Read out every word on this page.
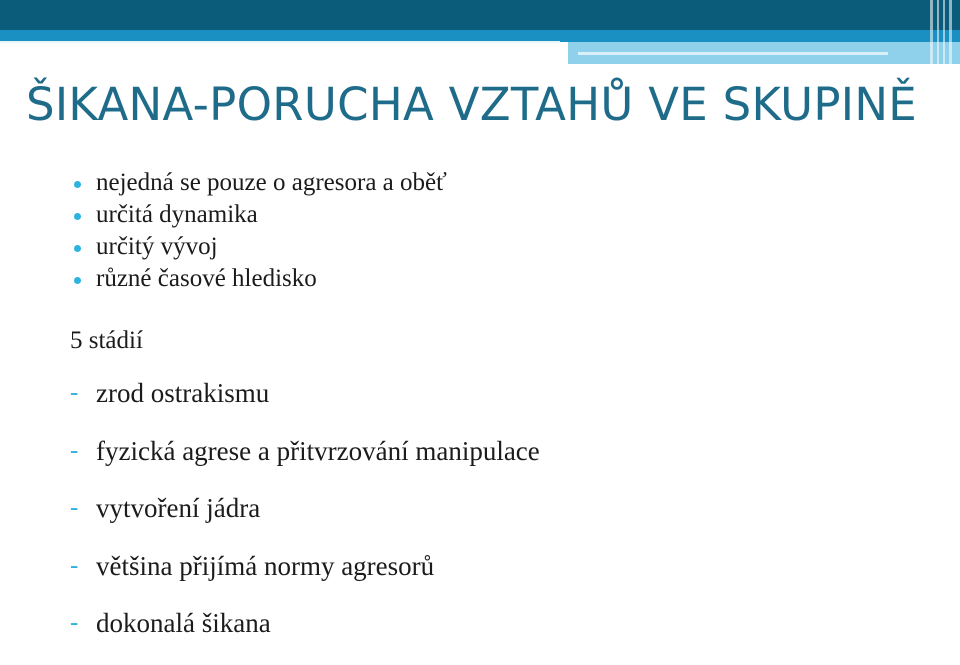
ŠIKANA-PORUCHA VZTAHŮ VE SKUPINĚ
nejedná se pouze o agresora a oběť
určitá dynamika
určitý vývoj
různé časové hledisko
5 stádií
- zrod ostrakismu
- fyzická agrese a přitvrzování manipulace
- vytvoření jádra
- většina přijímá normy agresorů
- dokonalá šikana
